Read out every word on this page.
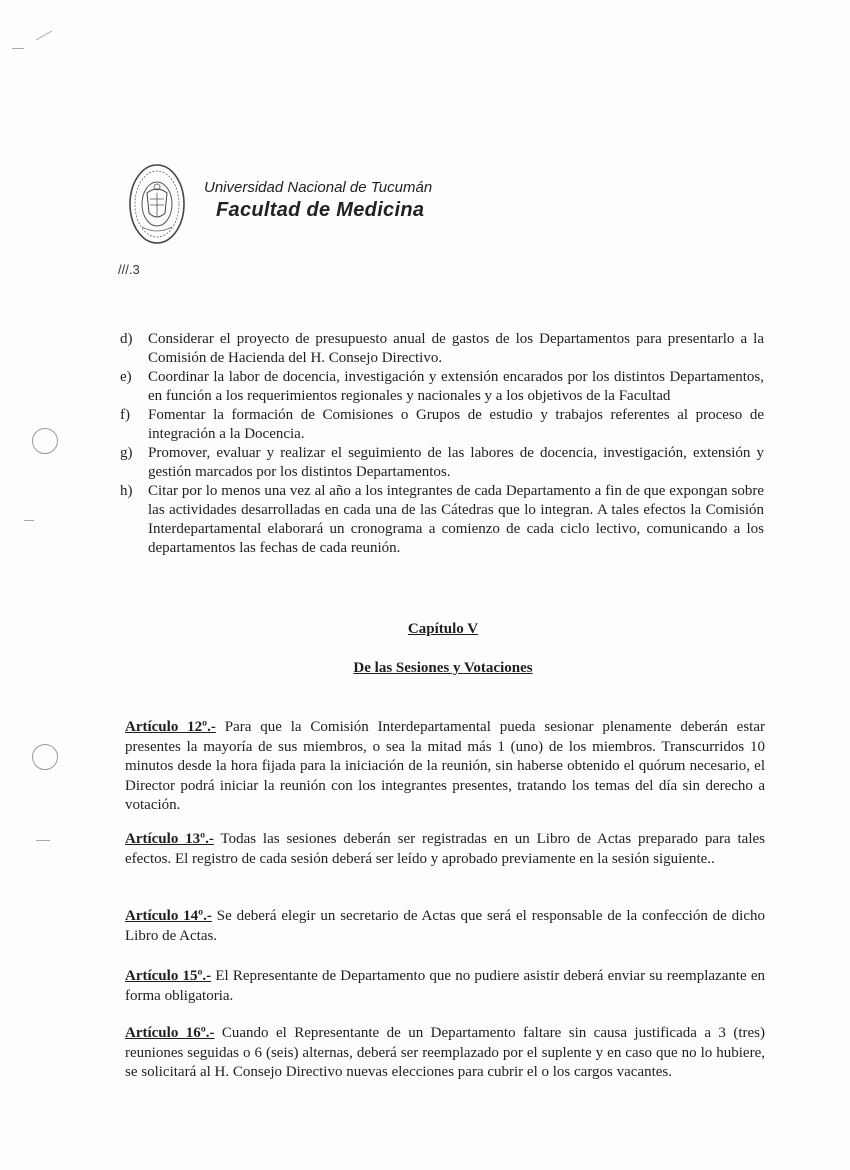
Universidad Nacional de Tucumán
Facultad de Medicina
///.3
d)	Considerar el proyecto de presupuesto anual de gastos de los Departamentos para presentarlo a la Comisión de Hacienda del H. Consejo Directivo.
e)	Coordinar la labor de docencia, investigación y extensión encarados por los distintos Departamentos, en función a los requerimientos regionales y nacionales y a los objetivos de la Facultad
f)	Fomentar la formación de Comisiones o Grupos de estudio y trabajos referentes al proceso de integración a la Docencia.
g)	Promover, evaluar y realizar el seguimiento de las labores de docencia, investigación, extensión y gestión marcados por los distintos Departamentos.
h)	Citar por lo menos una vez al año a los integrantes de cada Departamento a fin de que expongan sobre las actividades desarrolladas en cada una de las Cátedras que lo integran. A tales efectos la Comisión Interdepartamental elaborará un cronograma a comienzo de cada ciclo lectivo, comunicando a los departamentos las fechas de cada reunión.
Capítulo V
De las Sesiones y Votaciones
Artículo 12º.- Para que la Comisión Interdepartamental pueda sesionar plenamente deberán estar presentes la mayoría de sus miembros, o sea la mitad más 1 (uno) de los miembros. Transcurridos 10 minutos desde la hora fijada para la iniciación de la reunión, sin haberse obtenido el quórum necesario, el Director podrá iniciar la reunión con los integrantes presentes, tratando los temas del día sin derecho a votación.
Artículo 13º.- Todas las sesiones deberán ser registradas en un Libro de Actas preparado para tales efectos. El registro de cada sesión deberá ser leído y aprobado previamente en la sesión siguiente..
Artículo 14º.- Se deberá elegir un secretario de Actas que será el responsable de la confección de dicho Libro de Actas.
Artículo 15º.- El Representante de Departamento que no pudiere asistir deberá enviar su reemplazante en forma obligatoria.
Artículo 16º.- Cuando el Representante de un Departamento faltare sin causa justificada a 3 (tres) reuniones seguidas o 6 (seis) alternas, deberá ser reemplazado por el suplente y en caso que no lo hubiere, se solicitará al H. Consejo Directivo nuevas elecciones para cubrir el o los cargos vacantes.
